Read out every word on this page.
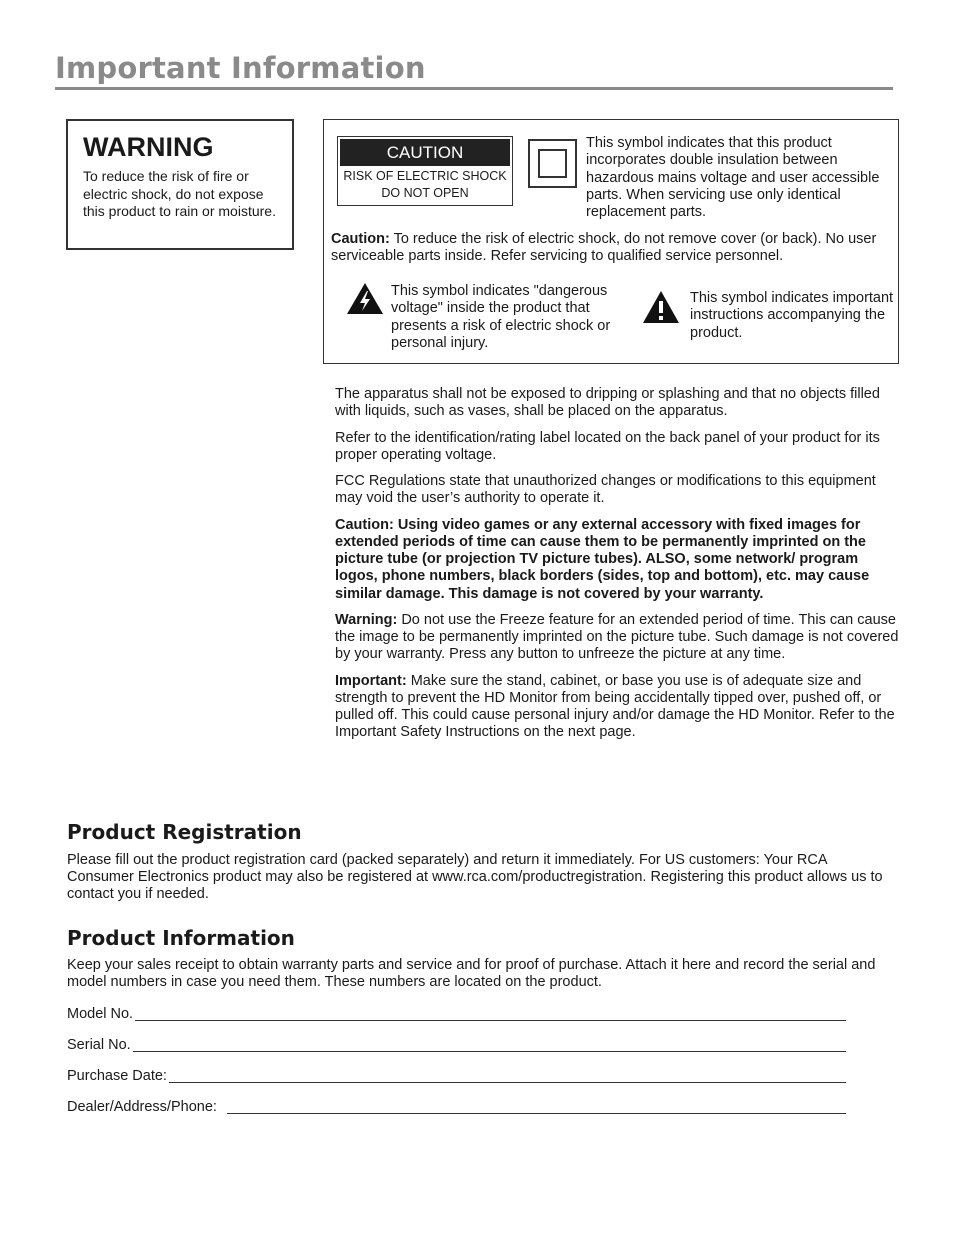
Important Information
WARNING

To reduce the risk of fire or electric shock, do not expose this product to rain or moisture.

CAUTION
RISK OF ELECTRIC SHOCK
DO NOT OPEN

This symbol indicates that this product incorporates double insulation between hazardous mains voltage and user accessible parts. When servicing use only identical replacement parts.

Caution: To reduce the risk of electric shock, do not remove cover (or back). No user serviceable parts inside. Refer servicing to qualified service personnel.

This symbol indicates "dangerous voltage" inside the product that presents a risk of electric shock or personal injury.

This symbol indicates important instructions accompanying the product.

The apparatus shall not be exposed to dripping or splashing and that no objects filled with liquids, such as vases, shall be placed on the apparatus.

Refer to the identification/rating label located on the back panel of your product for its proper operating voltage.

FCC Regulations state that unauthorized changes or modifications to this equipment may void the user’s authority to operate it.

Caution: Using video games or any external accessory with fixed images for extended periods of time can cause them to be permanently imprinted on the picture tube (or projection TV picture tubes). ALSO, some network/ program logos, phone numbers, black borders (sides, top and bottom), etc. may cause similar damage. This damage is not covered by your warranty.

Warning: Do not use the Freeze feature for an extended period of time. This can cause the image to be permanently imprinted on the picture tube. Such damage is not covered by your warranty. Press any button to unfreeze the picture at any time.

Important: Make sure the stand, cabinet, or base you use is of adequate size and strength to prevent the HD Monitor from being accidentally tipped over, pushed off, or pulled off. This could cause personal injury and/or damage the HD Monitor. Refer to the Important Safety Instructions on the next page.

Product Registration

Please fill out the product registration card (packed separately) and return it immediately. For US customers: Your RCA Consumer Electronics product may also be registered at www.rca.com/productregistration. Registering this product allows us to contact you if needed.

Product Information

Keep your sales receipt to obtain warranty parts and service and for proof of purchase. Attach it here and record the serial and model numbers in case you need them. These numbers are located on the product.

Model No.
Serial No.
Purchase Date:
Dealer/Address/Phone:
